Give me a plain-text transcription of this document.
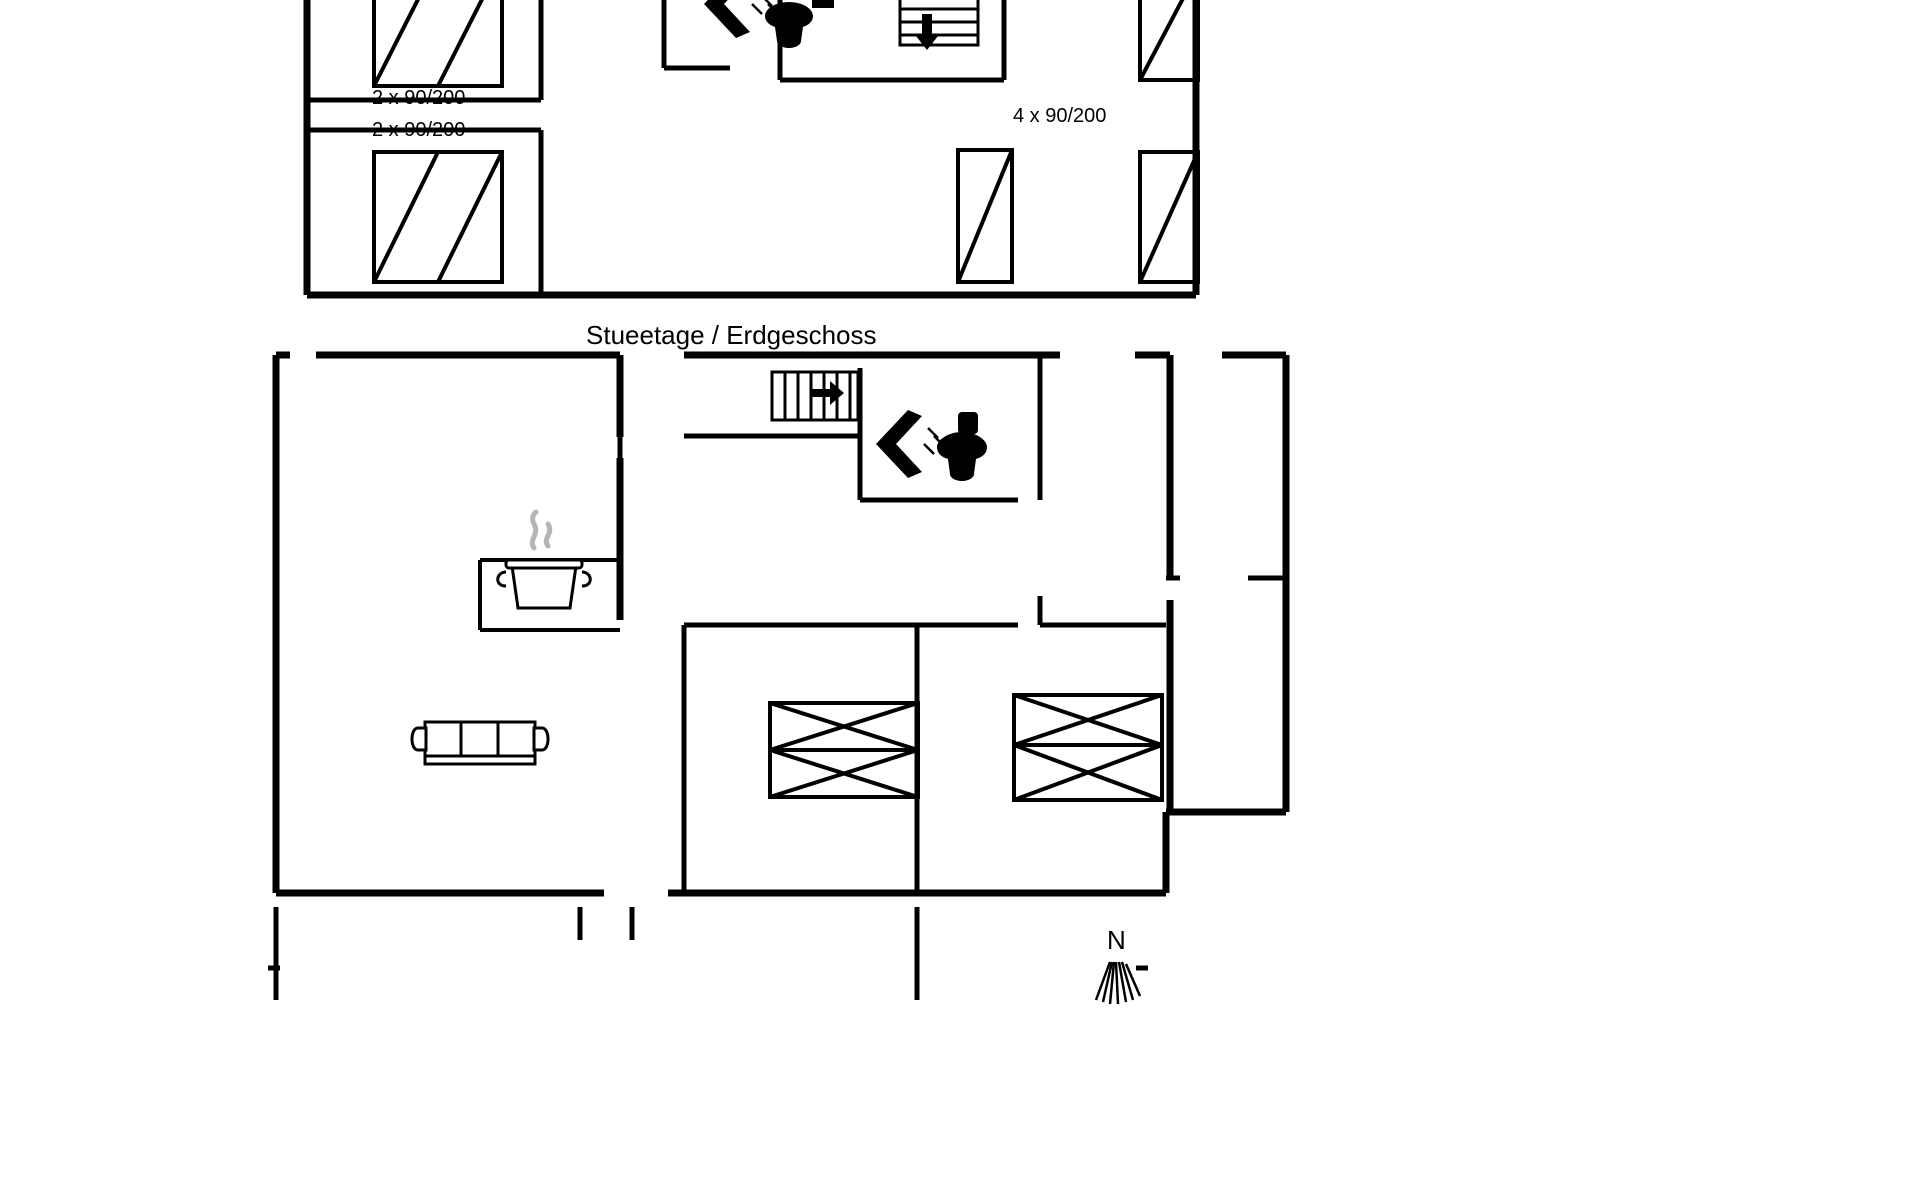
2 x 90/200
2 x 90/200
4 x 90/200
Stueetage / Erdgeschoss
N
